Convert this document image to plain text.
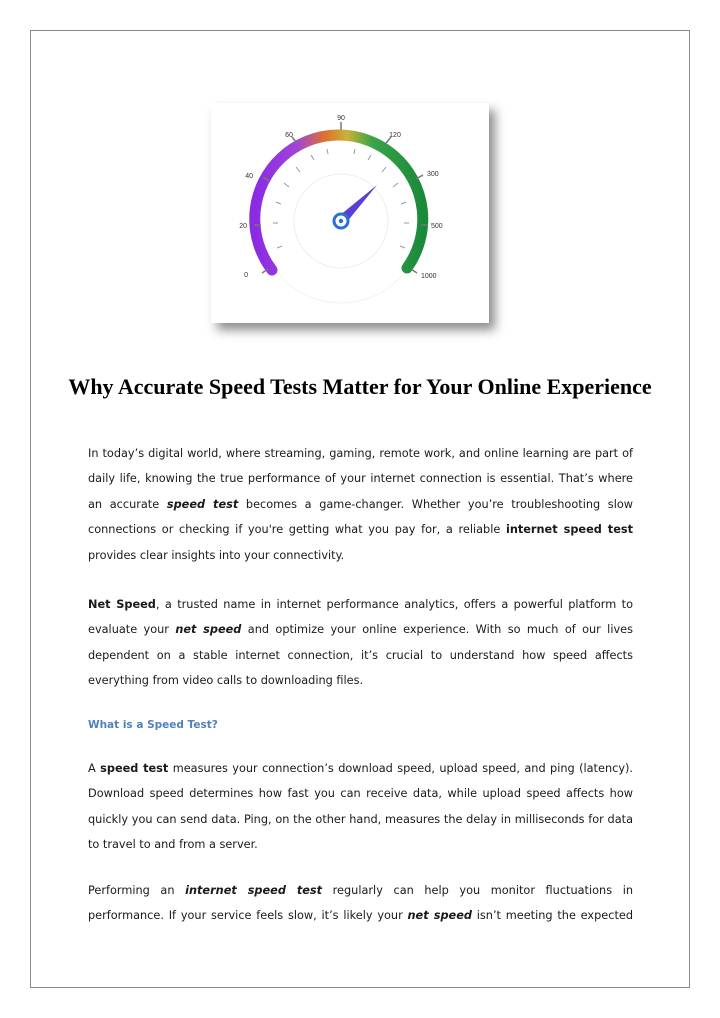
0
20
40
60
90
120
300
500
1000
Why Accurate Speed Tests Matter for Your Online Experience

In today’s digital world, where streaming, gaming, remote work, and online learning are part of daily life, knowing the true performance of your internet connection is essential. That’s where an accurate speed test becomes a game-changer. Whether you’re troubleshooting slow connections or checking if you're getting what you pay for, a reliable internet speed test provides clear insights into your connectivity.

Net Speed, a trusted name in internet performance analytics, offers a powerful platform to evaluate your net speed and optimize your online experience. With so much of our lives dependent on a stable internet connection, it’s crucial to understand how speed affects everything from video calls to downloading files.

What is a Speed Test?

A speed test measures your connection’s download speed, upload speed, and ping (latency). Download speed determines how fast you can receive data, while upload speed affects how quickly you can send data. Ping, on the other hand, measures the delay in milliseconds for data to travel to and from a server.

Performing an internet speed test regularly can help you monitor fluctuations in performance. If your service feels slow, it’s likely your net speed isn’t meeting the expected
